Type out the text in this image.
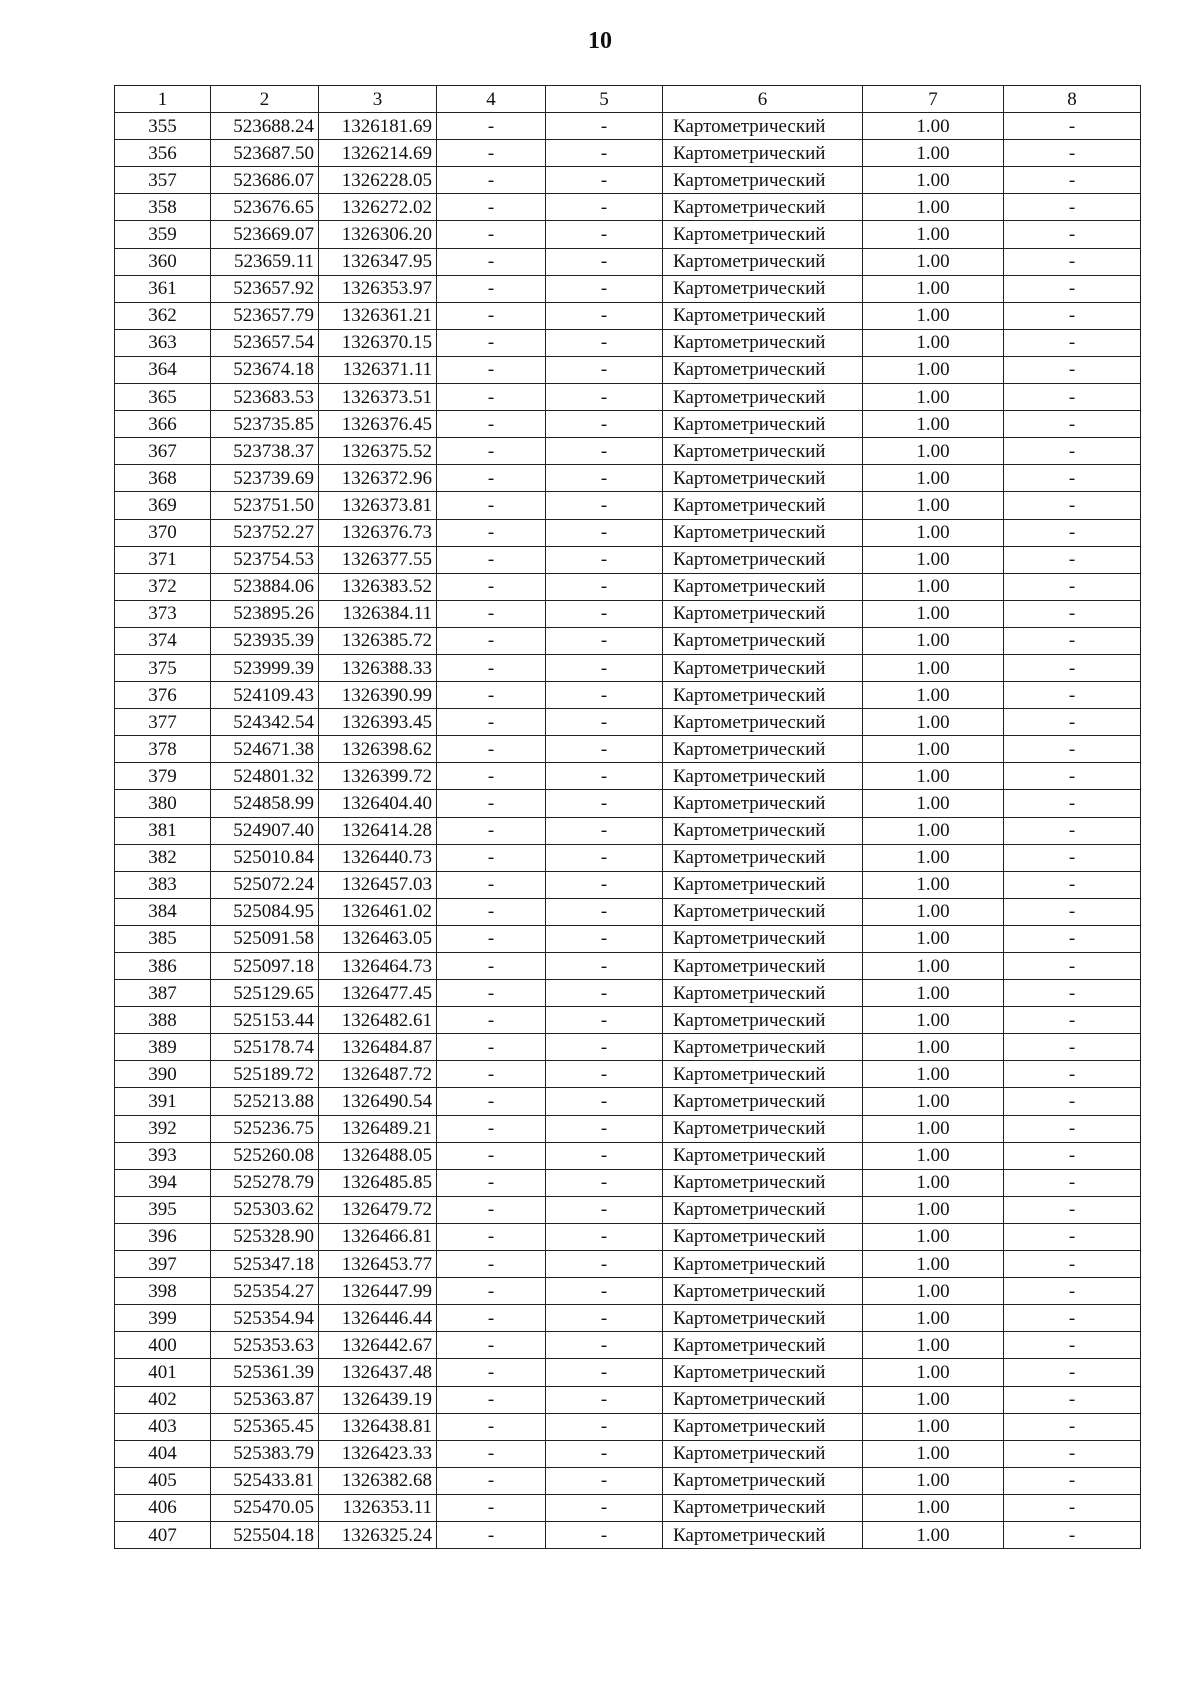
10
1	2	3	4	5	6	7	8
355	523688.24	1326181.69	-	-	Картометрический	1.00	-
356	523687.50	1326214.69	-	-	Картометрический	1.00	-
357	523686.07	1326228.05	-	-	Картометрический	1.00	-
358	523676.65	1326272.02	-	-	Картометрический	1.00	-
359	523669.07	1326306.20	-	-	Картометрический	1.00	-
360	523659.11	1326347.95	-	-	Картометрический	1.00	-
361	523657.92	1326353.97	-	-	Картометрический	1.00	-
362	523657.79	1326361.21	-	-	Картометрический	1.00	-
363	523657.54	1326370.15	-	-	Картометрический	1.00	-
364	523674.18	1326371.11	-	-	Картометрический	1.00	-
365	523683.53	1326373.51	-	-	Картометрический	1.00	-
366	523735.85	1326376.45	-	-	Картометрический	1.00	-
367	523738.37	1326375.52	-	-	Картометрический	1.00	-
368	523739.69	1326372.96	-	-	Картометрический	1.00	-
369	523751.50	1326373.81	-	-	Картометрический	1.00	-
370	523752.27	1326376.73	-	-	Картометрический	1.00	-
371	523754.53	1326377.55	-	-	Картометрический	1.00	-
372	523884.06	1326383.52	-	-	Картометрический	1.00	-
373	523895.26	1326384.11	-	-	Картометрический	1.00	-
374	523935.39	1326385.72	-	-	Картометрический	1.00	-
375	523999.39	1326388.33	-	-	Картометрический	1.00	-
376	524109.43	1326390.99	-	-	Картометрический	1.00	-
377	524342.54	1326393.45	-	-	Картометрический	1.00	-
378	524671.38	1326398.62	-	-	Картометрический	1.00	-
379	524801.32	1326399.72	-	-	Картометрический	1.00	-
380	524858.99	1326404.40	-	-	Картометрический	1.00	-
381	524907.40	1326414.28	-	-	Картометрический	1.00	-
382	525010.84	1326440.73	-	-	Картометрический	1.00	-
383	525072.24	1326457.03	-	-	Картометрический	1.00	-
384	525084.95	1326461.02	-	-	Картометрический	1.00	-
385	525091.58	1326463.05	-	-	Картометрический	1.00	-
386	525097.18	1326464.73	-	-	Картометрический	1.00	-
387	525129.65	1326477.45	-	-	Картометрический	1.00	-
388	525153.44	1326482.61	-	-	Картометрический	1.00	-
389	525178.74	1326484.87	-	-	Картометрический	1.00	-
390	525189.72	1326487.72	-	-	Картометрический	1.00	-
391	525213.88	1326490.54	-	-	Картометрический	1.00	-
392	525236.75	1326489.21	-	-	Картометрический	1.00	-
393	525260.08	1326488.05	-	-	Картометрический	1.00	-
394	525278.79	1326485.85	-	-	Картометрический	1.00	-
395	525303.62	1326479.72	-	-	Картометрический	1.00	-
396	525328.90	1326466.81	-	-	Картометрический	1.00	-
397	525347.18	1326453.77	-	-	Картометрический	1.00	-
398	525354.27	1326447.99	-	-	Картометрический	1.00	-
399	525354.94	1326446.44	-	-	Картометрический	1.00	-
400	525353.63	1326442.67	-	-	Картометрический	1.00	-
401	525361.39	1326437.48	-	-	Картометрический	1.00	-
402	525363.87	1326439.19	-	-	Картометрический	1.00	-
403	525365.45	1326438.81	-	-	Картометрический	1.00	-
404	525383.79	1326423.33	-	-	Картометрический	1.00	-
405	525433.81	1326382.68	-	-	Картометрический	1.00	-
406	525470.05	1326353.11	-	-	Картометрический	1.00	-
407	525504.18	1326325.24	-	-	Картометрический	1.00	-
